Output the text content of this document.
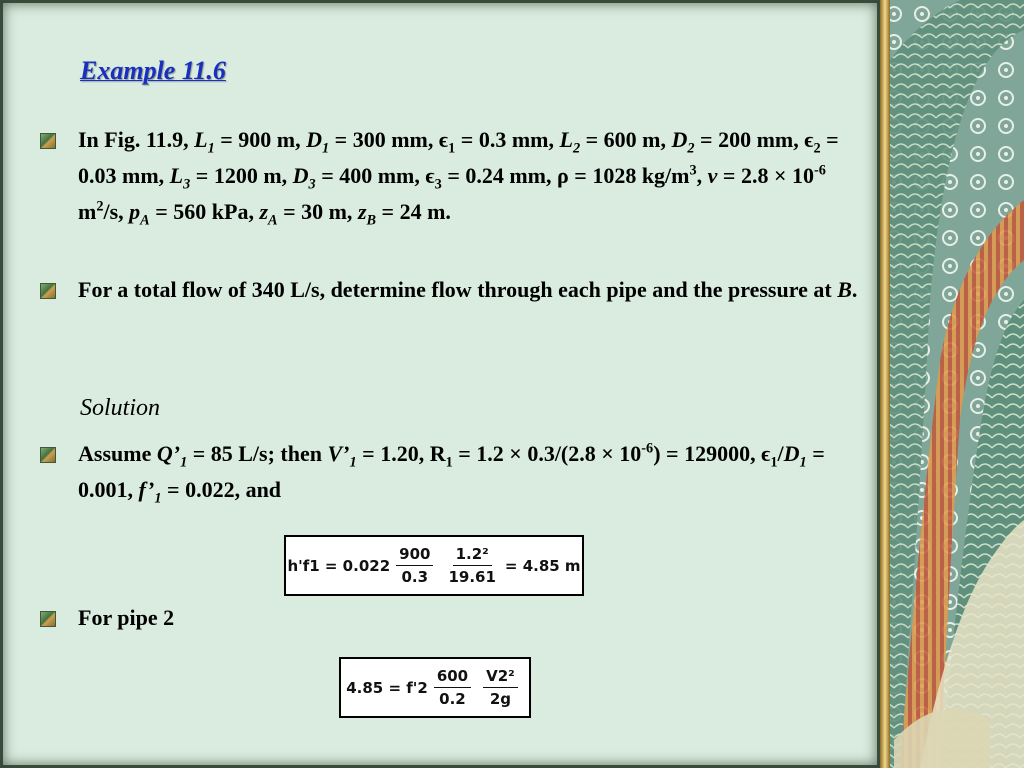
Example 11.6
In Fig. 11.9, $L_1 = 900$ m, $D_1 = 300$ mm, $\epsilon_1 = 0.3$ mm, $L_2 = 600$ m, $D_2 = 200$ mm, $\epsilon_2 = 0.03$ mm, $L_3 = 1200$ m, $D_3 = 400$ mm, $\epsilon_3 = 0.24$ mm, ρ = 1028 $kg/m^3$, $v = 2.8 \times 10^{-6}$ $m^2/s$, $p_A = 560$ kPa, $z_A = 30$ m, $z_B = 24$ m.
For a total flow of 340 L/s, determine flow through each pipe and the pressure at B.
Solution
Assume $Q’_1 = 85$ L/s; then $V’_1 = 1.20$, $R_1 = 1.2 \times 0.3/(2.8 \times 10^{-6}) = 129000$, $\epsilon_1/D_1 = 0.001$, $f’_1 = 0.022$, and
$h'f1 = 0.022 \frac{900}{0.3} \frac{\text{1.2²}}{19.61} = 4.85$ m
For pipe 2
$4.85 = f'2 \frac{600}{0.2} \frac{\text{V2²}}{2g}$
